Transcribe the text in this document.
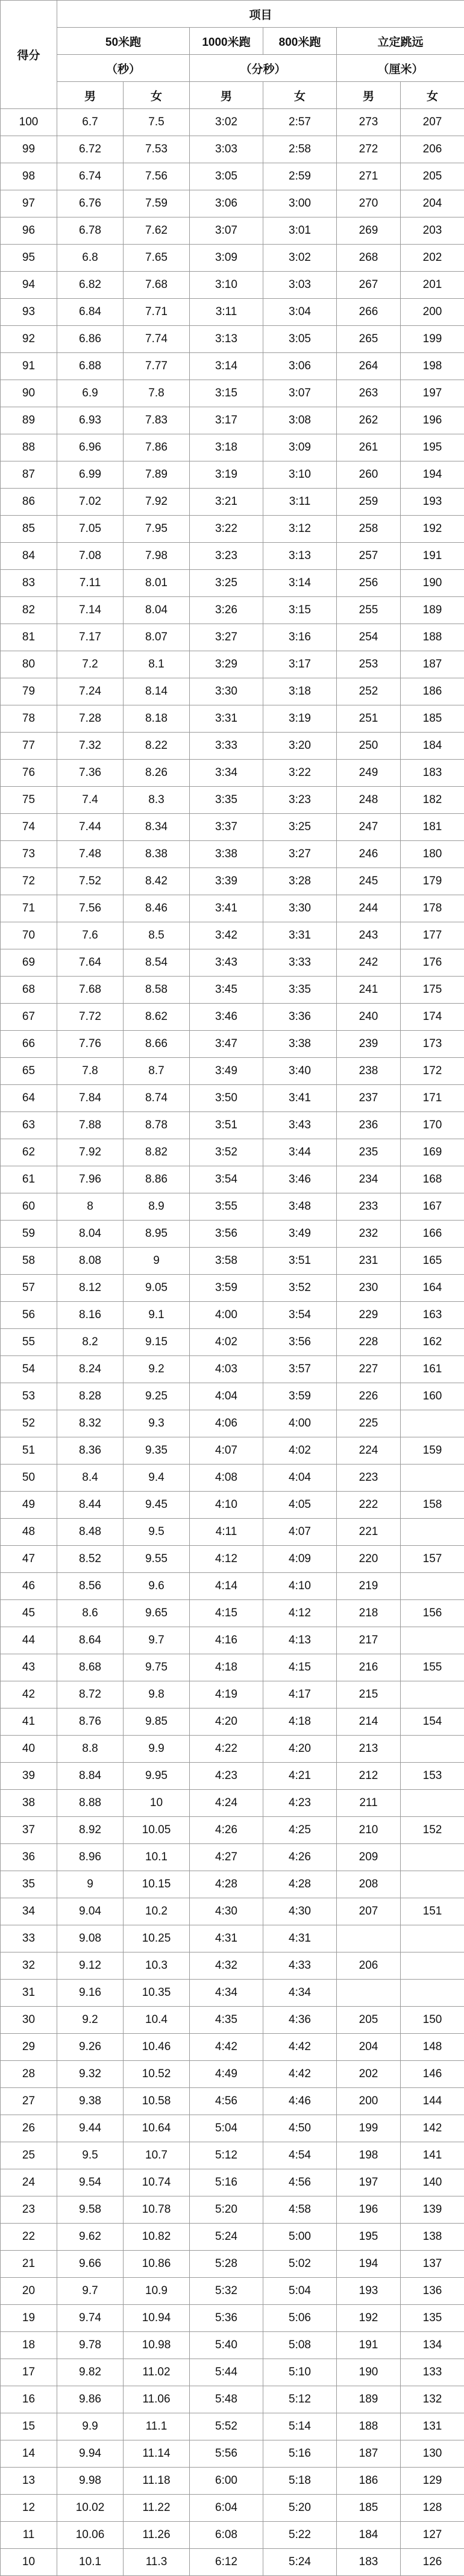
得分	项目					
	50米跑		1000米跑	800米跑	立定跳远	
	（秒）		（分秒）		（厘米）	
	男	女	男	女	男	女
100	6.7	7.5	3:02	2:57	273	207
99	6.72	7.53	3:03	2:58	272	206
98	6.74	7.56	3:05	2:59	271	205
97	6.76	7.59	3:06	3:00	270	204
96	6.78	7.62	3:07	3:01	269	203
95	6.8	7.65	3:09	3:02	268	202
94	6.82	7.68	3:10	3:03	267	201
93	6.84	7.71	3:11	3:04	266	200
92	6.86	7.74	3:13	3:05	265	199
91	6.88	7.77	3:14	3:06	264	198
90	6.9	7.8	3:15	3:07	263	197
89	6.93	7.83	3:17	3:08	262	196
88	6.96	7.86	3:18	3:09	261	195
87	6.99	7.89	3:19	3:10	260	194
86	7.02	7.92	3:21	3:11	259	193
85	7.05	7.95	3:22	3:12	258	192
84	7.08	7.98	3:23	3:13	257	191
83	7.11	8.01	3:25	3:14	256	190
82	7.14	8.04	3:26	3:15	255	189
81	7.17	8.07	3:27	3:16	254	188
80	7.2	8.1	3:29	3:17	253	187
79	7.24	8.14	3:30	3:18	252	186
78	7.28	8.18	3:31	3:19	251	185
77	7.32	8.22	3:33	3:20	250	184
76	7.36	8.26	3:34	3:22	249	183
75	7.4	8.3	3:35	3:23	248	182
74	7.44	8.34	3:37	3:25	247	181
73	7.48	8.38	3:38	3:27	246	180
72	7.52	8.42	3:39	3:28	245	179
71	7.56	8.46	3:41	3:30	244	178
70	7.6	8.5	3:42	3:31	243	177
69	7.64	8.54	3:43	3:33	242	176
68	7.68	8.58	3:45	3:35	241	175
67	7.72	8.62	3:46	3:36	240	174
66	7.76	8.66	3:47	3:38	239	173
65	7.8	8.7	3:49	3:40	238	172
64	7.84	8.74	3:50	3:41	237	171
63	7.88	8.78	3:51	3:43	236	170
62	7.92	8.82	3:52	3:44	235	169
61	7.96	8.86	3:54	3:46	234	168
60	8	8.9	3:55	3:48	233	167
59	8.04	8.95	3:56	3:49	232	166
58	8.08	9	3:58	3:51	231	165
57	8.12	9.05	3:59	3:52	230	164
56	8.16	9.1	4:00	3:54	229	163
55	8.2	9.15	4:02	3:56	228	162
54	8.24	9.2	4:03	3:57	227	161
53	8.28	9.25	4:04	3:59	226	160
52	8.32	9.3	4:06	4:00	225	
51	8.36	9.35	4:07	4:02	224	159
50	8.4	9.4	4:08	4:04	223	
49	8.44	9.45	4:10	4:05	222	158
48	8.48	9.5	4:11	4:07	221	
47	8.52	9.55	4:12	4:09	220	157
46	8.56	9.6	4:14	4:10	219	
45	8.6	9.65	4:15	4:12	218	156
44	8.64	9.7	4:16	4:13	217	
43	8.68	9.75	4:18	4:15	216	155
42	8.72	9.8	4:19	4:17	215	
41	8.76	9.85	4:20	4:18	214	154
40	8.8	9.9	4:22	4:20	213	
39	8.84	9.95	4:23	4:21	212	153
38	8.88	10	4:24	4:23	211	
37	8.92	10.05	4:26	4:25	210	152
36	8.96	10.1	4:27	4:26	209	
35	9	10.15	4:28	4:28	208	
34	9.04	10.2	4:30	4:30	207	151
33	9.08	10.25	4:31	4:31		
32	9.12	10.3	4:32	4:33	206	
31	9.16	10.35	4:34	4:34		
30	9.2	10.4	4:35	4:36	205	150
29	9.26	10.46	4:42	4:42	204	148
28	9.32	10.52	4:49	4:42	202	146
27	9.38	10.58	4:56	4:46	200	144
26	9.44	10.64	5:04	4:50	199	142
25	9.5	10.7	5:12	4:54	198	141
24	9.54	10.74	5:16	4:56	197	140
23	9.58	10.78	5:20	4:58	196	139
22	9.62	10.82	5:24	5:00	195	138
21	9.66	10.86	5:28	5:02	194	137
20	9.7	10.9	5:32	5:04	193	136
19	9.74	10.94	5:36	5:06	192	135
18	9.78	10.98	5:40	5:08	191	134
17	9.82	11.02	5:44	5:10	190	133
16	9.86	11.06	5:48	5:12	189	132
15	9.9	11.1	5:52	5:14	188	131
14	9.94	11.14	5:56	5:16	187	130
13	9.98	11.18	6:00	5:18	186	129
12	10.02	11.22	6:04	5:20	185	128
11	10.06	11.26	6:08	5:22	184	127
10	10.1	11.3	6:12	5:24	183	126
